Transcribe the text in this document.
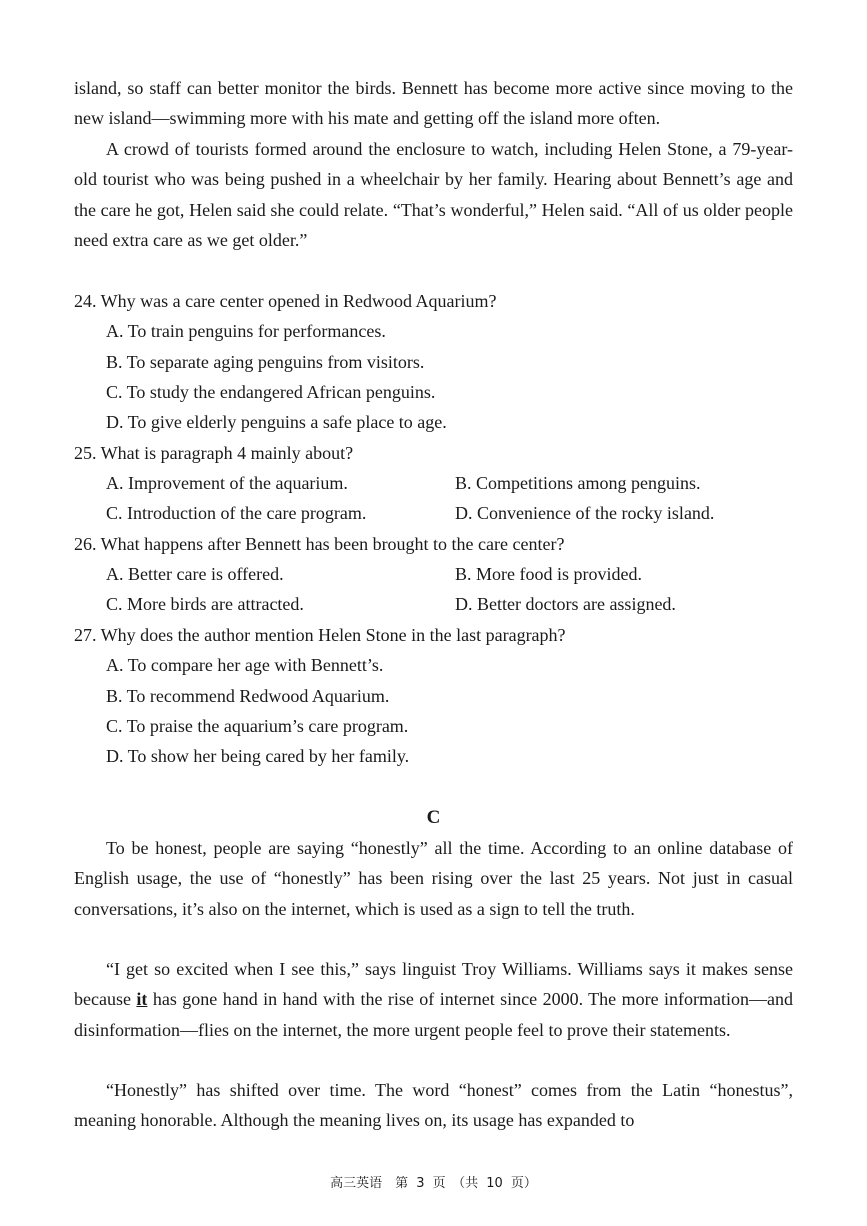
island, so staff can better monitor the birds. Bennett has become more active since moving to the new island—swimming more with his mate and getting off the island more often.

A crowd of tourists formed around the enclosure to watch, including Helen Stone, a 79-year-old tourist who was being pushed in a wheelchair by her family. Hearing about Bennett’s age and the care he got, Helen said she could relate. “That’s wonderful,” Helen said. “All of us older people need extra care as we get older.”

24. Why was a care center opened in Redwood Aquarium?

A. To train penguins for performances.

B. To separate aging penguins from visitors.

C. To study the endangered African penguins.

D. To give elderly penguins a safe place to age.

25. What is paragraph 4 mainly about?

A. Improvement of the aquarium.	B. Competitions among penguins.

C. Introduction of the care program.	D. Convenience of the rocky island.

26. What happens after Bennett has been brought to the care center?

A. Better care is offered.	B. More food is provided.

C. More birds are attracted.	D. Better doctors are assigned.

27. Why does the author mention Helen Stone in the last paragraph?

A. To compare her age with Bennett’s.

B. To recommend Redwood Aquarium.

C. To praise the aquarium’s care program.

D. To show her being cared by her family.

C

To be honest, people are saying “honestly” all the time. According to an online database of English usage, the use of “honestly” has been rising over the last 25 years. Not just in casual conversations, it’s also on the internet, which is used as a sign to tell the truth.

“I get so excited when I see this,” says linguist Troy Williams. Williams says it makes sense because it has gone hand in hand with the rise of internet since 2000. The more information—and disinformation—flies on the internet, the more urgent people feel to prove their statements.

“Honestly” has shifted over time. The word “honest” comes from the Latin “honestus”, meaning honorable. Although the meaning lives on, its usage has expanded to

高三英语　第 3 页　（共 10 页）
